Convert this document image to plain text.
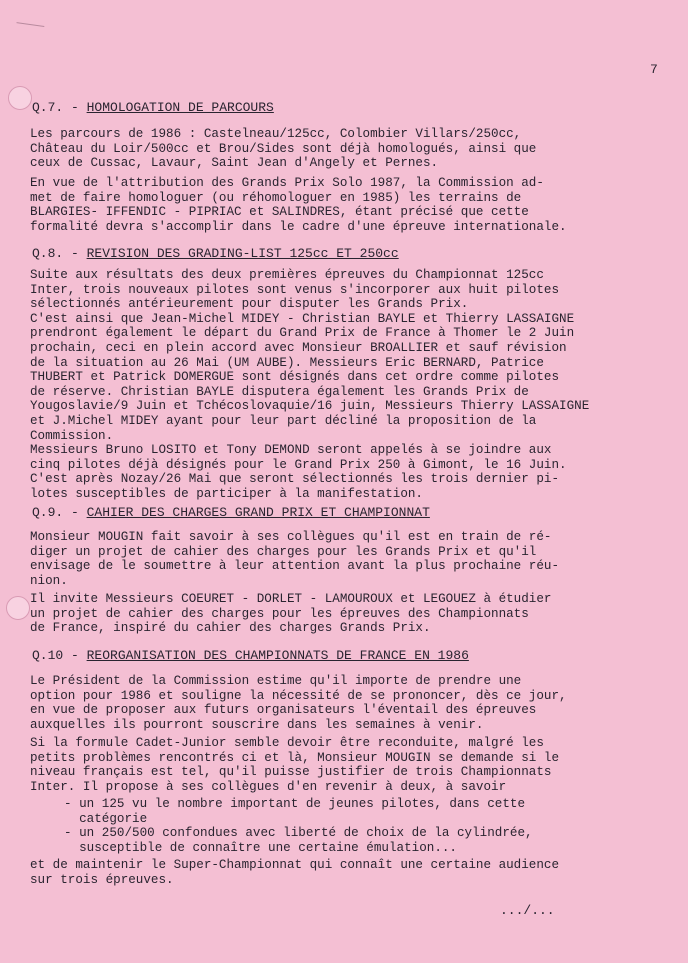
7
Q.7. - HOMOLOGATION DE PARCOURS
Les parcours de 1986 : Castelneau/125cc, Colombier Villars/250cc,
Château du Loir/500cc et Brou/Sides sont déjà homologués, ainsi que
ceux de Cussac, Lavaur, Saint Jean d'Angely et Pernes.
En vue de l'attribution des Grands Prix Solo 1987, la Commission ad-
met de faire homologuer (ou réhomologuer en 1985) les terrains de
BLARGIES- IFFENDIC - PIPRIAC et SALINDRES, étant précisé que cette
formalité devra s'accomplir dans le cadre d'une épreuve internationale.
Q.8. - REVISION DES GRADING-LIST 125cc ET 250cc
Suite aux résultats des deux premières épreuves du Championnat 125cc
Inter, trois nouveaux pilotes sont venus s'incorporer aux huit pilotes
sélectionnés antérieurement pour disputer les Grands Prix.
C'est ainsi que Jean-Michel MIDEY - Christian BAYLE et Thierry LASSAIGNE
prendront également le départ du Grand Prix de France à Thomer le 2 Juin
prochain, ceci en plein accord avec Monsieur BROALLIER et sauf révision
de la situation au 26 Mai (UM AUBE). Messieurs Eric BERNARD, Patrice
THUBERT et Patrick DOMERGUE sont désignés dans cet ordre comme pilotes
de réserve. Christian BAYLE disputera également les Grands Prix de
Yougoslavie/9 Juin et Tchécoslovaquie/16 juin, Messieurs Thierry LASSAIGNE
et J.Michel MIDEY ayant pour leur part décliné la proposition de la
Commission.
Messieurs Bruno LOSITO et Tony DEMOND seront appelés à se joindre aux
cinq pilotes déjà désignés pour le Grand Prix 250 à Gimont, le 16 Juin.
C'est après Nozay/26 Mai que seront sélectionnés les trois dernier pi-
lotes susceptibles de participer à la manifestation.
Q.9. - CAHIER DES CHARGES GRAND PRIX ET CHAMPIONNAT
Monsieur MOUGIN fait savoir à ses collègues qu'il est en train de ré-
diger un projet de cahier des charges pour les Grands Prix et qu'il
envisage de le soumettre à leur attention avant la plus prochaine réu-
nion.
Il invite Messieurs COEURET - DORLET - LAMOUROUX et LEGOUEZ à étudier
un projet de cahier des charges pour les épreuves des Championnats
de France, inspiré du cahier des charges Grands Prix.
Q.10 - REORGANISATION DES CHAMPIONNATS DE FRANCE EN 1986
Le Président de la Commission estime qu'il importe de prendre une
option pour 1986 et souligne la nécessité de se prononcer, dès ce jour,
en vue de proposer aux futurs organisateurs l'éventail des épreuves
auxquelles ils pourront souscrire dans les semaines à venir.
Si la formule Cadet-Junior semble devoir être reconduite, malgré les
petits problèmes rencontrés ci et là, Monsieur MOUGIN se demande si le
niveau français est tel, qu'il puisse justifier de trois Championnats
Inter. Il propose à ses collègues d'en revenir à deux, à savoir
- un 125 vu le nombre important de jeunes pilotes, dans cette
catégorie
- un 250/500 confondues avec liberté de choix de la cylindrée,
susceptible de connaître une certaine émulation...
et de maintenir le Super-Championnat qui connaît une certaine audience
sur trois épreuves.
.../...
